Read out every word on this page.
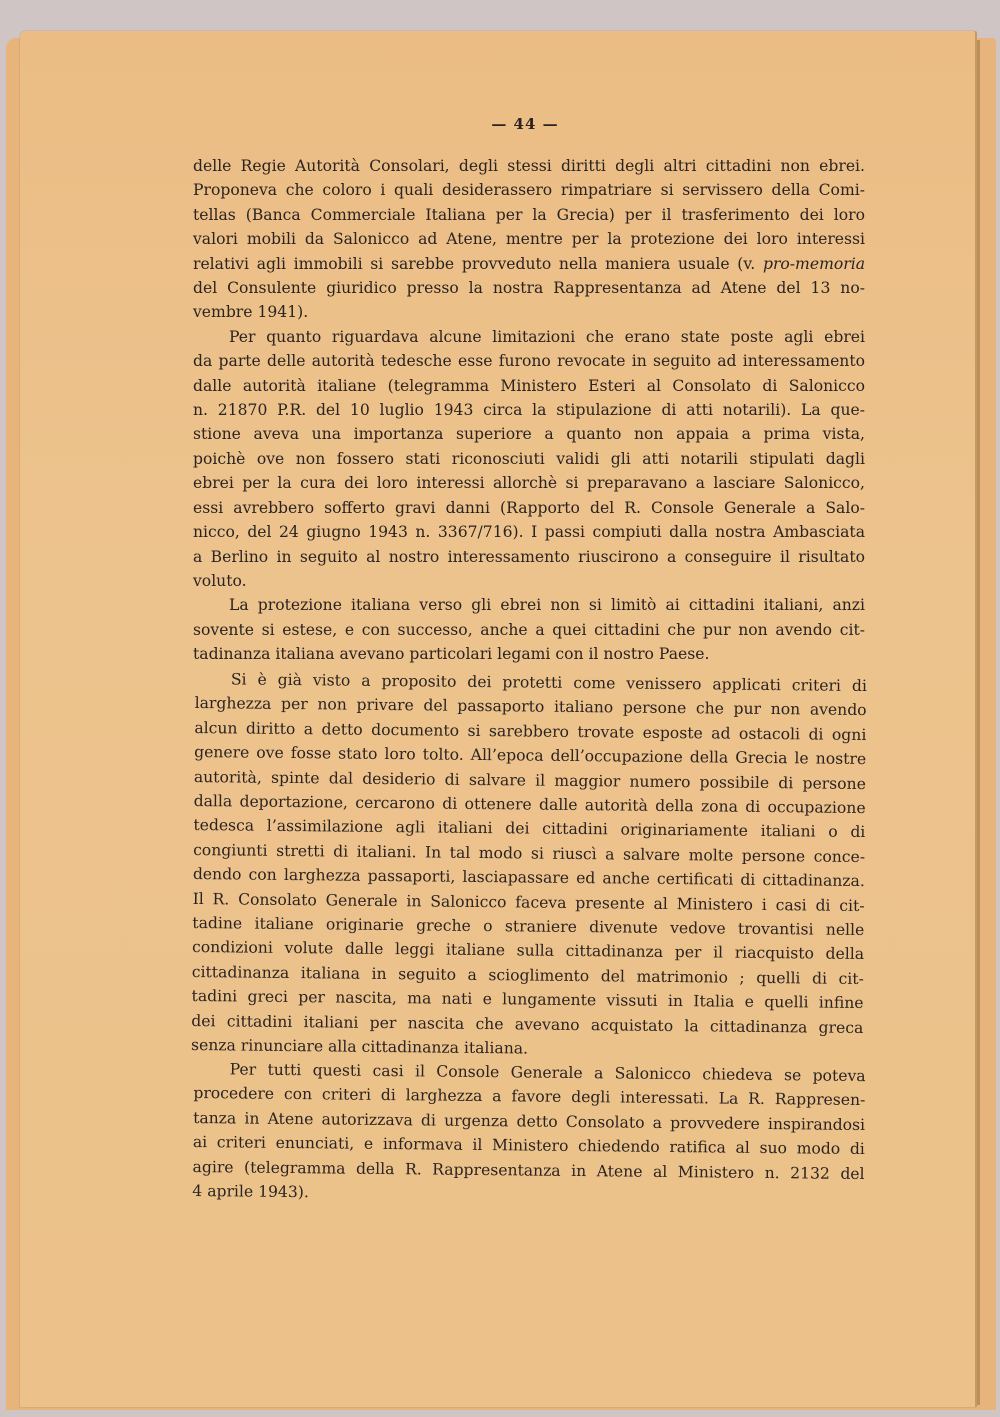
— 44 —
delle Regie Autorità Consolari, degli stessi diritti degli altri cittadini non ebrei.
Proponeva che coloro i quali desiderassero rimpatriare si servissero della Comi-
tellas (Banca Commerciale Italiana per la Grecia) per il trasferimento dei loro
valori mobili da Salonicco ad Atene, mentre per la protezione dei loro interessi
relativi agli immobili si sarebbe provveduto nella maniera usuale (v. pro-memoria
del Consulente giuridico presso la nostra Rappresentanza ad Atene del 13 no-
vembre 1941).
Per quanto riguardava alcune limitazioni che erano state poste agli ebrei
da parte delle autorità tedesche esse furono revocate in seguito ad interessamento
dalle autorità italiane (telegramma Ministero Esteri al Consolato di Salonicco
n. 21870 P.R. del 10 luglio 1943 circa la stipulazione di atti notarili). La que-
stione aveva una importanza superiore a quanto non appaia a prima vista,
poichè ove non fossero stati riconosciuti validi gli atti notarili stipulati dagli
ebrei per la cura dei loro interessi allorchè si preparavano a lasciare Salonicco,
essi avrebbero sofferto gravi danni (Rapporto del R. Console Generale a Salo-
nicco, del 24 giugno 1943 n. 3367/716). I passi compiuti dalla nostra Ambasciata
a Berlino in seguito al nostro interessamento riuscirono a conseguire il risultato
voluto.
La protezione italiana verso gli ebrei non si limitò ai cittadini italiani, anzi
sovente si estese, e con successo, anche a quei cittadini che pur non avendo cit-
tadinanza italiana avevano particolari legami con il nostro Paese.
Si è già visto a proposito dei protetti come venissero applicati criteri di
larghezza per non privare del passaporto italiano persone che pur non avendo
alcun diritto a detto documento si sarebbero trovate esposte ad ostacoli di ogni
genere ove fosse stato loro tolto. All’epoca dell’occupazione della Grecia le nostre
autorità, spinte dal desiderio di salvare il maggior numero possibile di persone
dalla deportazione, cercarono di ottenere dalle autorità della zona di occupazione
tedesca l’assimilazione agli italiani dei cittadini originariamente italiani o di
congiunti stretti di italiani. In tal modo si riuscì a salvare molte persone conce-
dendo con larghezza passaporti, lasciapassare ed anche certificati di cittadinanza.
Il R. Consolato Generale in Salonicco faceva presente al Ministero i casi di cit-
tadine italiane originarie greche o straniere divenute vedove trovantisi nelle
condizioni volute dalle leggi italiane sulla cittadinanza per il riacquisto della
cittadinanza italiana in seguito a scioglimento del matrimonio ; quelli di cit-
tadini greci per nascita, ma nati e lungamente vissuti in Italia e quelli infine
dei cittadini italiani per nascita che avevano acquistato la cittadinanza greca
senza rinunciare alla cittadinanza italiana.
Per tutti questi casi il Console Generale a Salonicco chiedeva se poteva
procedere con criteri di larghezza a favore degli interessati. La R. Rappresen-
tanza in Atene autorizzava di urgenza detto Consolato a provvedere inspirandosi
ai criteri enunciati, e informava il Ministero chiedendo ratifica al suo modo di
agire (telegramma della R. Rappresentanza in Atene al Ministero n. 2132 del
4 aprile 1943).
